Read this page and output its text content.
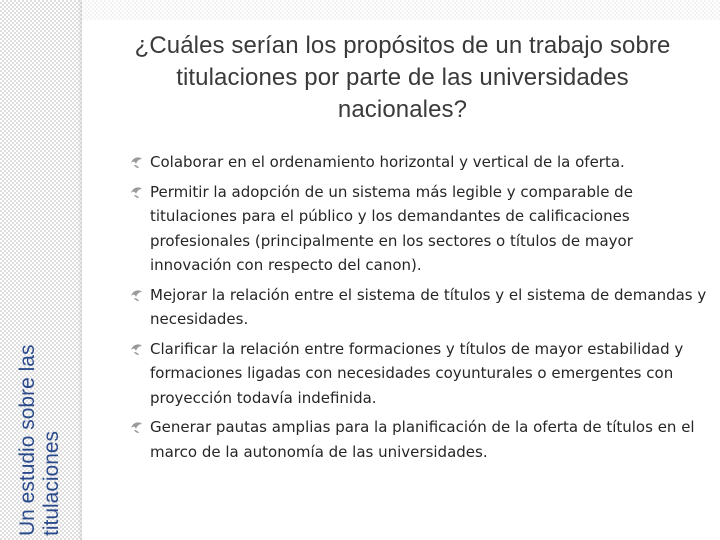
Un estudio sobre las titulaciones
¿Cuáles serían los propósitos de un trabajo sobre titulaciones por parte de las universidades nacionales?
Colaborar en el ordenamiento horizontal y vertical de la oferta.
Permitir la adopción de un sistema más legible y comparable de titulaciones para el público y los demandantes de calificaciones profesionales (principalmente en los sectores o títulos de mayor innovación con respecto del canon).
Mejorar la relación entre el sistema de títulos y el sistema de demandas y necesidades.
Clarificar la relación entre formaciones y títulos de mayor estabilidad y formaciones ligadas con necesidades coyunturales o emergentes con proyección todavía indefinida.
Generar pautas amplias para la planificación de la oferta de títulos en el marco de la autonomía de las universidades.
